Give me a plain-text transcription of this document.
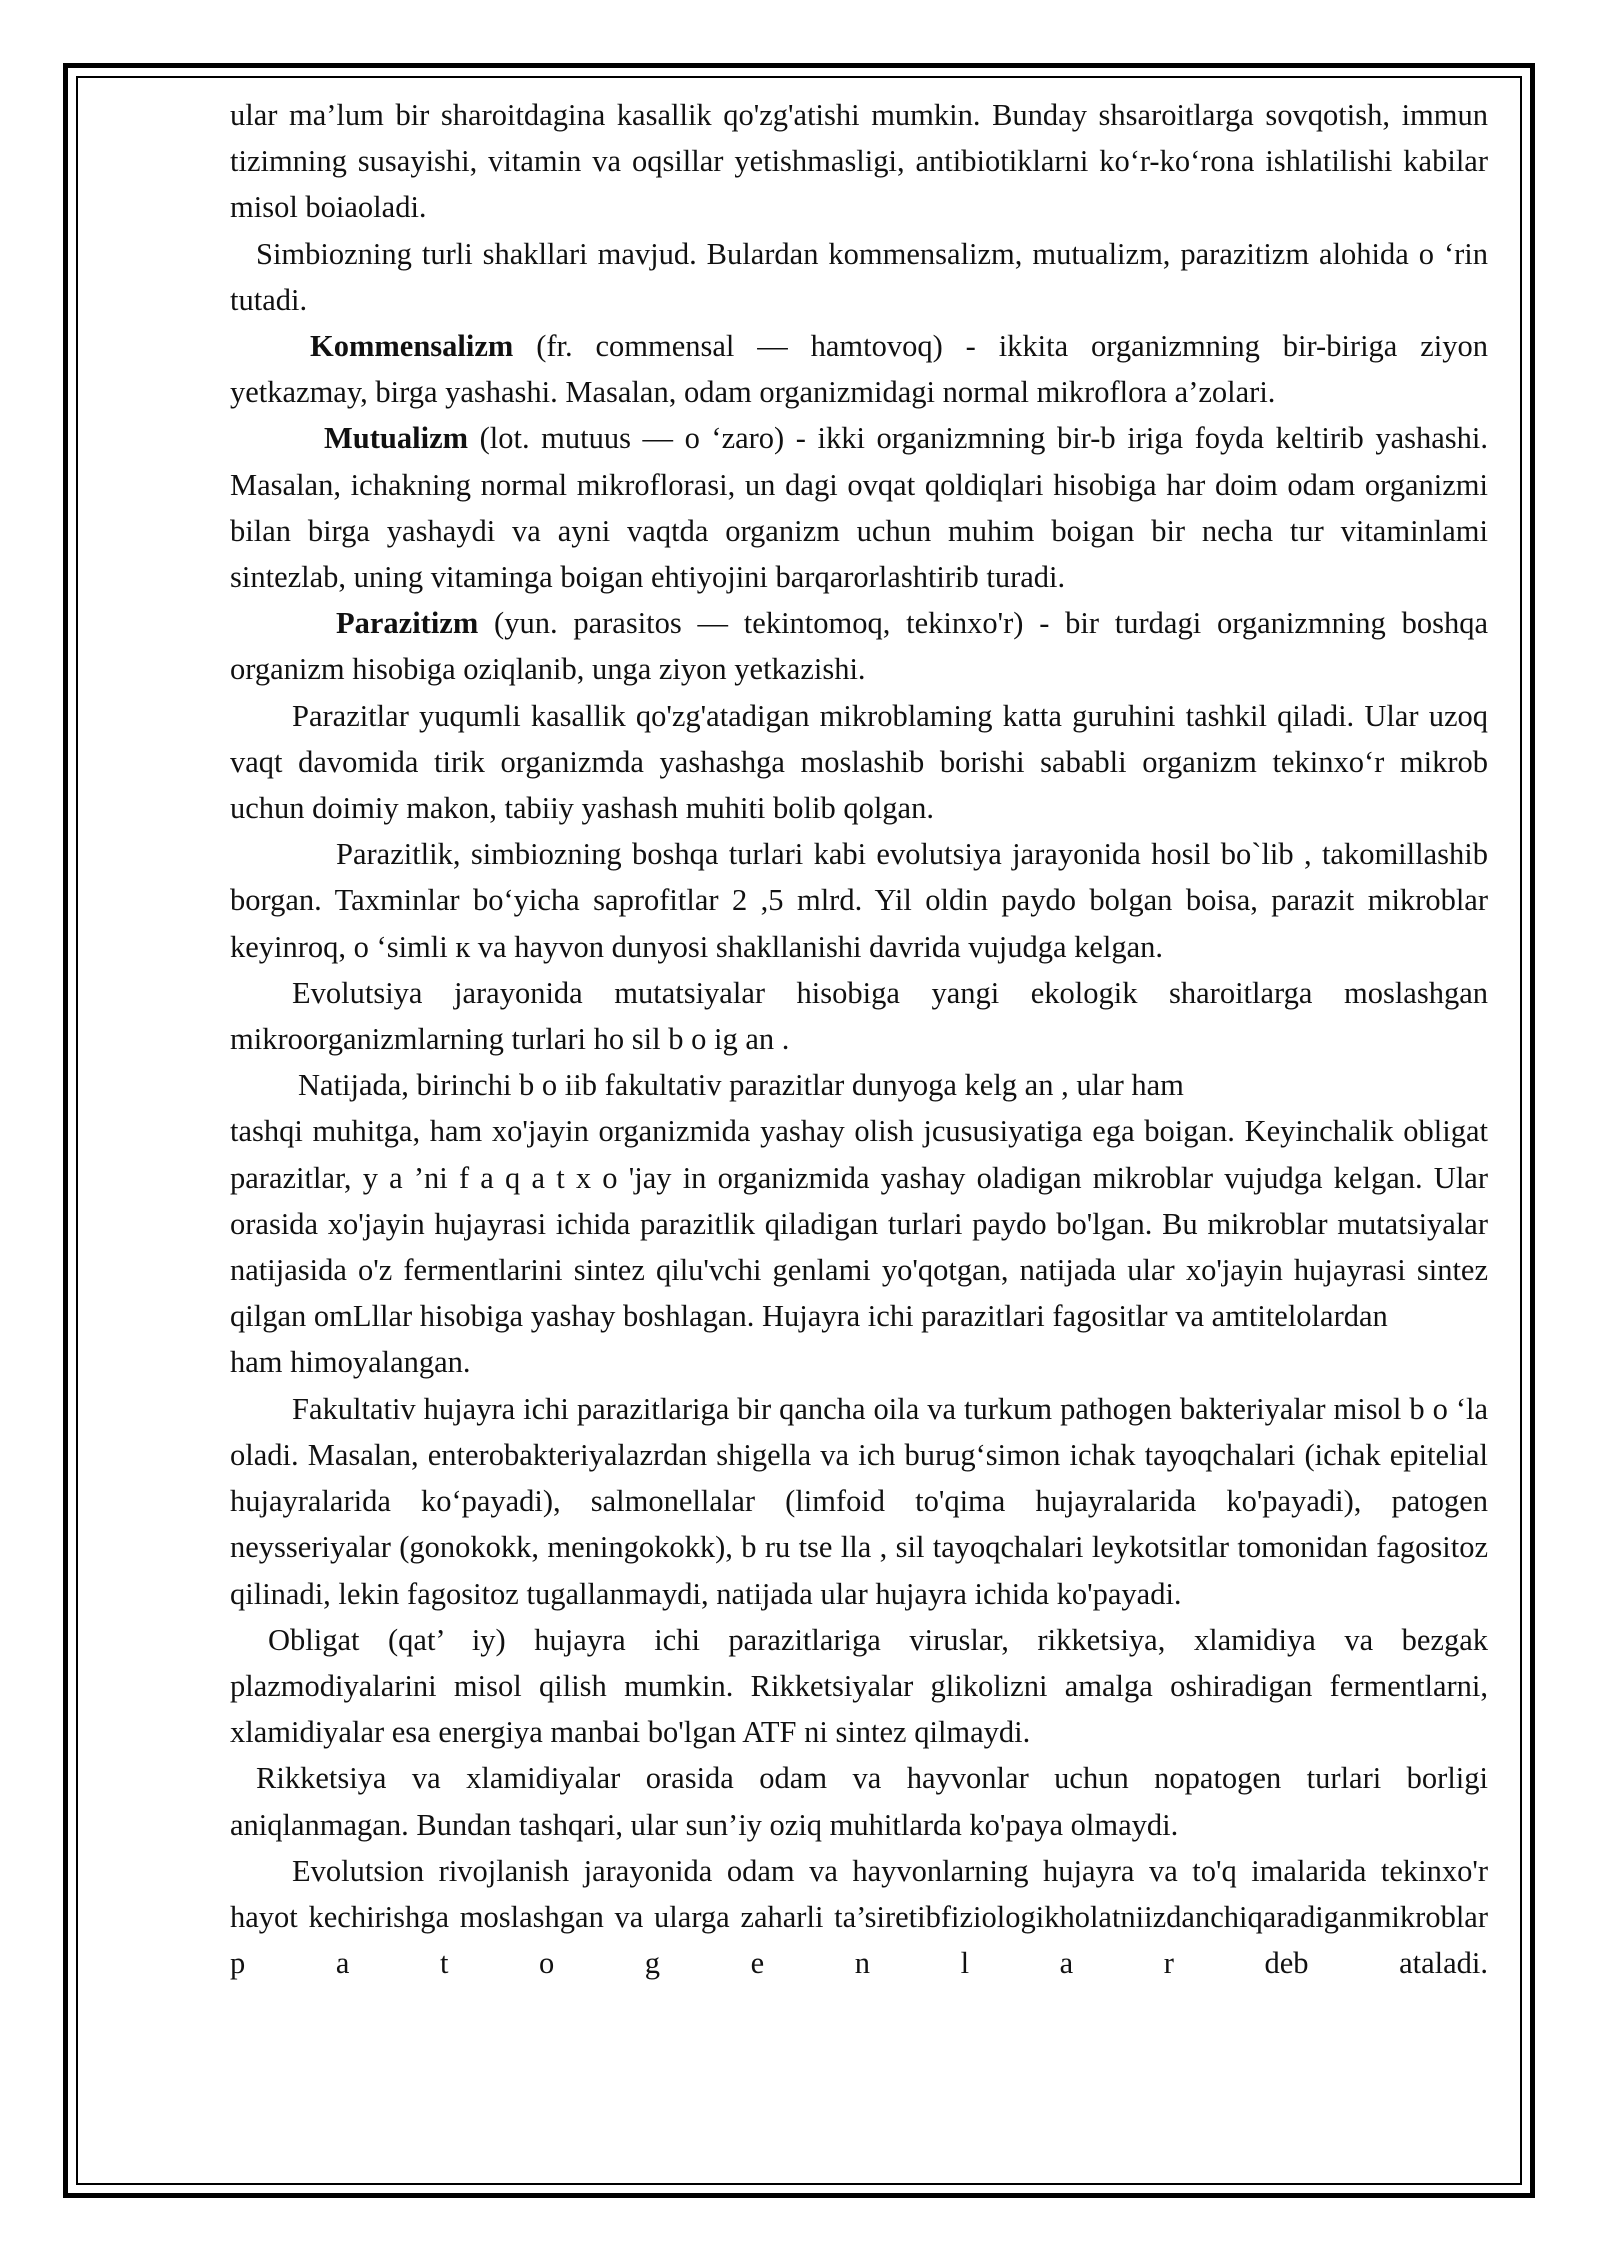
ular ma’lum bir sharoitdagina kasallik qo'zg'atishi mumkin. Bunday shsaroitlarga sovqotish, immun tizimning susayishi, vitamin va oqsillar yetishmasligi, antibiotiklarni ko‘r-ko‘rona ishlatilishi kabilar misol boiaoladi.

Simbiozning turli shakllari mavjud. Bulardan kommensalizm, mutualizm, parazitizm alohida o ‘rin tutadi.

Kommensalizm (fr. commensal — hamtovoq) - ikkita organizmning bir-biriga ziyon yetkazmay, birga yashashi. Masalan, odam organizmidagi normal mikroflora a’zolari.

Mutualizm (lot. mutuus — o ‘zaro) - ikki organizmning bir-b iriga foyda keltirib yashashi. Masalan, ichakning normal mikroflorasi, un dagi ovqat qoldiqlari hisobiga har doim odam organizmi bilan birga yashaydi va ayni vaqtda organizm uchun muhim boigan bir necha tur vitaminlami sintezlab, uning vitaminga boigan ehtiyojini barqarorlashtirib turadi.

Parazitizm (yun. parasitos — tekintomoq, tekinxo'r) - bir turdagi organizmning boshqa organizm hisobiga oziqlanib, unga ziyon yetkazishi.

Parazitlar yuqumli kasallik qo'zg'atadigan mikroblaming katta guruhini tashkil qiladi. Ular uzoq vaqt davomida tirik organizmda yashashga moslashib borishi sababli organizm tekinxo‘r mikrob uchun doimiy makon, tabiiy yashash muhiti bolib qolgan.

Parazitlik, simbiozning boshqa turlari kabi evolutsiya jarayonida hosil bo`lib , takomillashib borgan. Taxminlar bo‘yicha saprofitlar 2 ,5 mlrd. Yil oldin paydo bolgan boisa, parazit mikroblar keyinroq, o ‘simli к va hayvon dunyosi shakllanishi davrida vujudga kelgan.

Evolutsiya jarayonida mutatsiyalar hisobiga yangi ekologik sharoitlarga moslashgan mikroorganizmlarning turlari ho sil b o ig an .

Natijada, birinchi b o iib fakultativ parazitlar dunyoga kelg an , ular ham

tashqi muhitga, ham xo'jayin organizmida yashay olish jcususiyatiga ega boigan. Keyinchalik obligat parazitlar, y a ’ni f a q a t x o 'jay in organizmida yashay oladigan mikroblar vujudga kelgan. Ular orasida xo'jayin hujayrasi ichida parazitlik qiladigan turlari paydo bo'lgan. Bu mikroblar mutatsiyalar natijasida o'z fermentlarini sintez qilu'vchi genlami yo'qotgan, natijada ular xo'jayin hujayrasi sintez qilgan omLllar hisobiga yashay boshlagan. Hujayra ichi parazitlari fagositlar va amtitelolardan

ham himoyalangan.

Fakultativ hujayra ichi parazitlariga bir qancha oila va turkum pathogen bakteriyalar misol b o ‘la oladi. Masalan, enterobakteriyalazrdan shigella va ich burug‘simon ichak tayoqchalari (ichak epitelial hujayralarida ko‘payadi), salmonellalar (limfoid to'qima hujayralarida ko'payadi), patogen neysseriyalar (gonokokk, meningokokk), b ru tse lla , sil tayoqchalari leykotsitlar tomonidan fagositoz qilinadi, lekin fagositoz tugallanmaydi, natijada ular hujayra ichida ko'payadi.

Obligat (qat’ iy) hujayra ichi parazitlariga viruslar, rikketsiya, xlamidiya va bezgak plazmodiyalarini misol qilish mumkin. Rikketsiyalar glikolizni amalga oshiradigan fermentlarni, xlamidiyalar esa energiya manbai bo'lgan ATF ni sintez qilmaydi.

Rikketsiya va xlamidiyalar orasida odam va hayvonlar uchun nopatogen turlari borligi aniqlanmagan. Bundan tashqari, ular sun’iy oziq muhitlarda ko'paya olmaydi.

Evolutsion rivojlanish jarayonida odam va hayvonlarning hujayra va to'q imalarida tekinxo'r hayot kechirishga moslashgan va ularga zaharli ta’siretibfiziologikholatniizdanchiqaradiganmikroblar p a t o g e n l a r deb ataladi.
